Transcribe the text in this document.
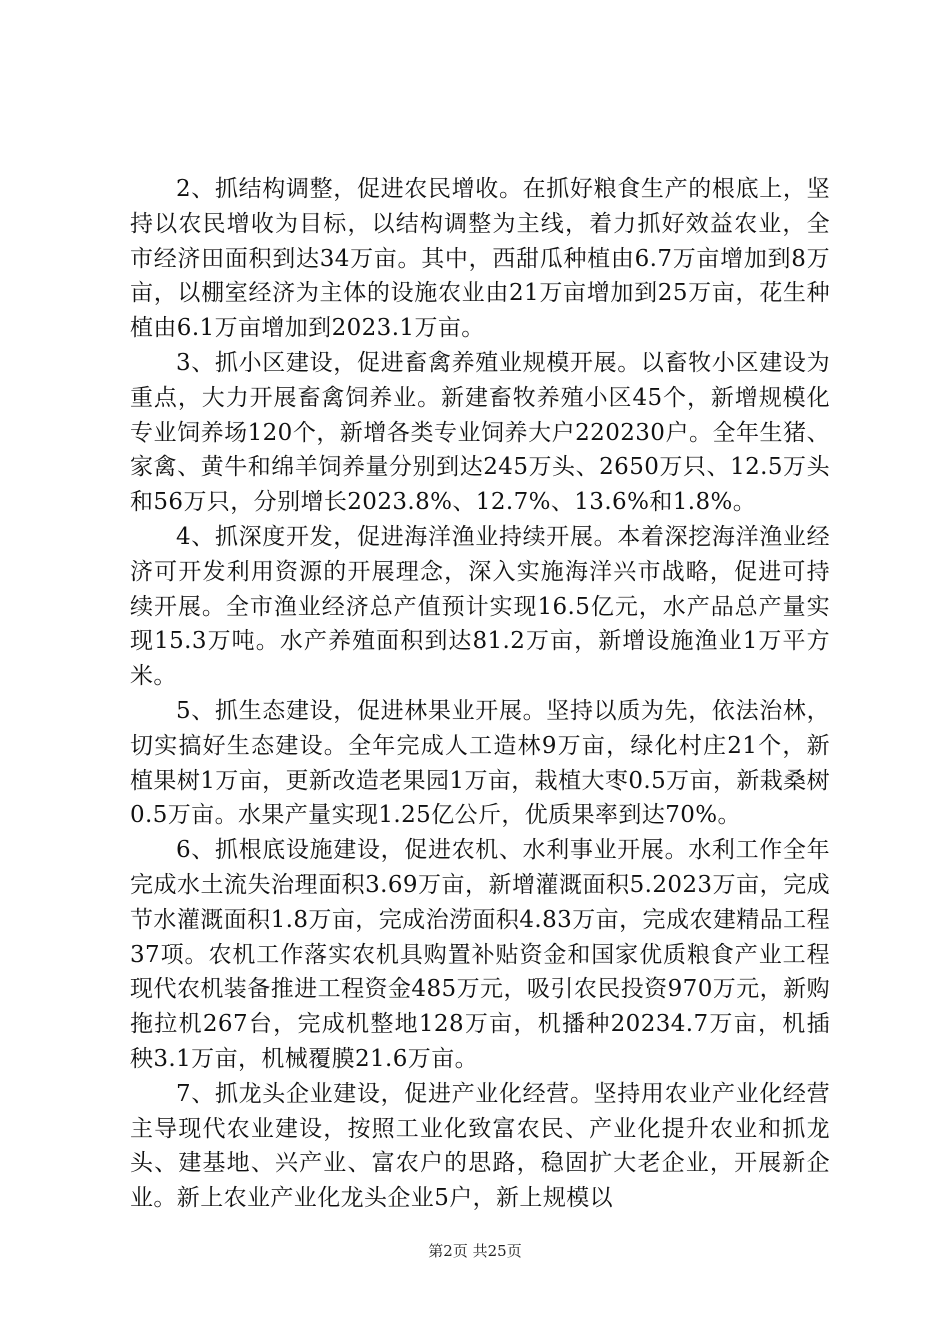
2、抓结构调整，促进农民增收。在抓好粮食生产的根底上，坚持以农民增收为目标，以结构调整为主线，着力抓好效益农业，全市经济田面积到达34万亩。其中，西甜瓜种植由6.7万亩增加到8万亩，以棚室经济为主体的设施农业由21万亩增加到25万亩，花生种植由6.1万亩增加到2023.1万亩。

3、抓小区建设，促进畜禽养殖业规模开展。以畜牧小区建设为重点，大力开展畜禽饲养业。新建畜牧养殖小区45个，新增规模化专业饲养场120个，新增各类专业饲养大户220230户。全年生猪、家禽、黄牛和绵羊饲养量分别到达245万头、2650万只、12.5万头和56万只，分别增长2023.8%、12.7%、13.6%和1.8%。

4、抓深度开发，促进海洋渔业持续开展。本着深挖海洋渔业经济可开发利用资源的开展理念，深入实施海洋兴市战略，促进可持续开展。全市渔业经济总产值预计实现16.5亿元，水产品总产量实现15.3万吨。水产养殖面积到达81.2万亩，新增设施渔业1万平方米。

5、抓生态建设，促进林果业开展。坚持以质为先，依法治林，切实搞好生态建设。全年完成人工造林9万亩，绿化村庄21个，新植果树1万亩，更新改造老果园1万亩，栽植大枣0.5万亩，新栽桑树0.5万亩。水果产量实现1.25亿公斤，优质果率到达70%。

6、抓根底设施建设，促进农机、水利事业开展。水利工作全年完成水土流失治理面积3.69万亩，新增灌溉面积5.2023万亩，完成节水灌溉面积1.8万亩，完成治涝面积4.83万亩，完成农建精品工程37项。农机工作落实农机具购置补贴资金和国家优质粮食产业工程现代农机装备推进工程资金485万元，吸引农民投资970万元，新购拖拉机267台，完成机整地128万亩，机播种20234.7万亩，机插秧3.1万亩，机械覆膜21.6万亩。

7、抓龙头企业建设，促进产业化经营。坚持用农业产业化经营主导现代农业建设，按照工业化致富农民、产业化提升农业和抓龙头、建基地、兴产业、富农户的思路，稳固扩大老企业，开展新企业。新上农业产业化龙头企业5户，新上规模以

第2页 共25页
